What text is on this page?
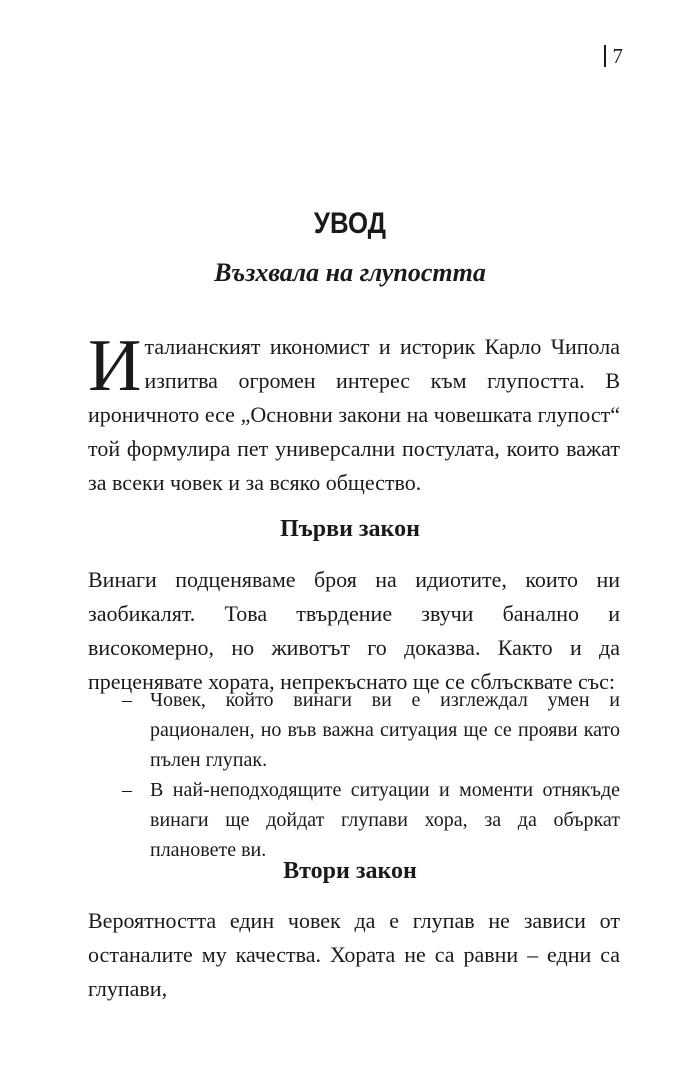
7
УВОД
Възхвала на глупостта

Италианският икономист и историк Карло Чипола изпитва огромен интерес към глупостта. В ироничното есе „Основни закони на човешката глупост“ той формулира пет универсални постулата, които важат за всеки човек и за всяко общество.

Първи закон

Винаги подценяваме броя на идиотите, които ни заобикалят. Това твърдение звучи банално и високомерно, но животът го доказва. Както и да преценявате хората, непрекъснато ще се сблъсквате със:

– Човек, който винаги ви е изглеждал умен и рационален, но във важна ситуация ще се прояви като пълен глупак.
– В най-неподходящите ситуации и моменти отнякъде винаги ще дойдат глупави хора, за да объркат плановете ви.
Втори закон

Вероятността един човек да е глупав не зависи от останалите му качества. Хората не са равни – едни са глупави,
